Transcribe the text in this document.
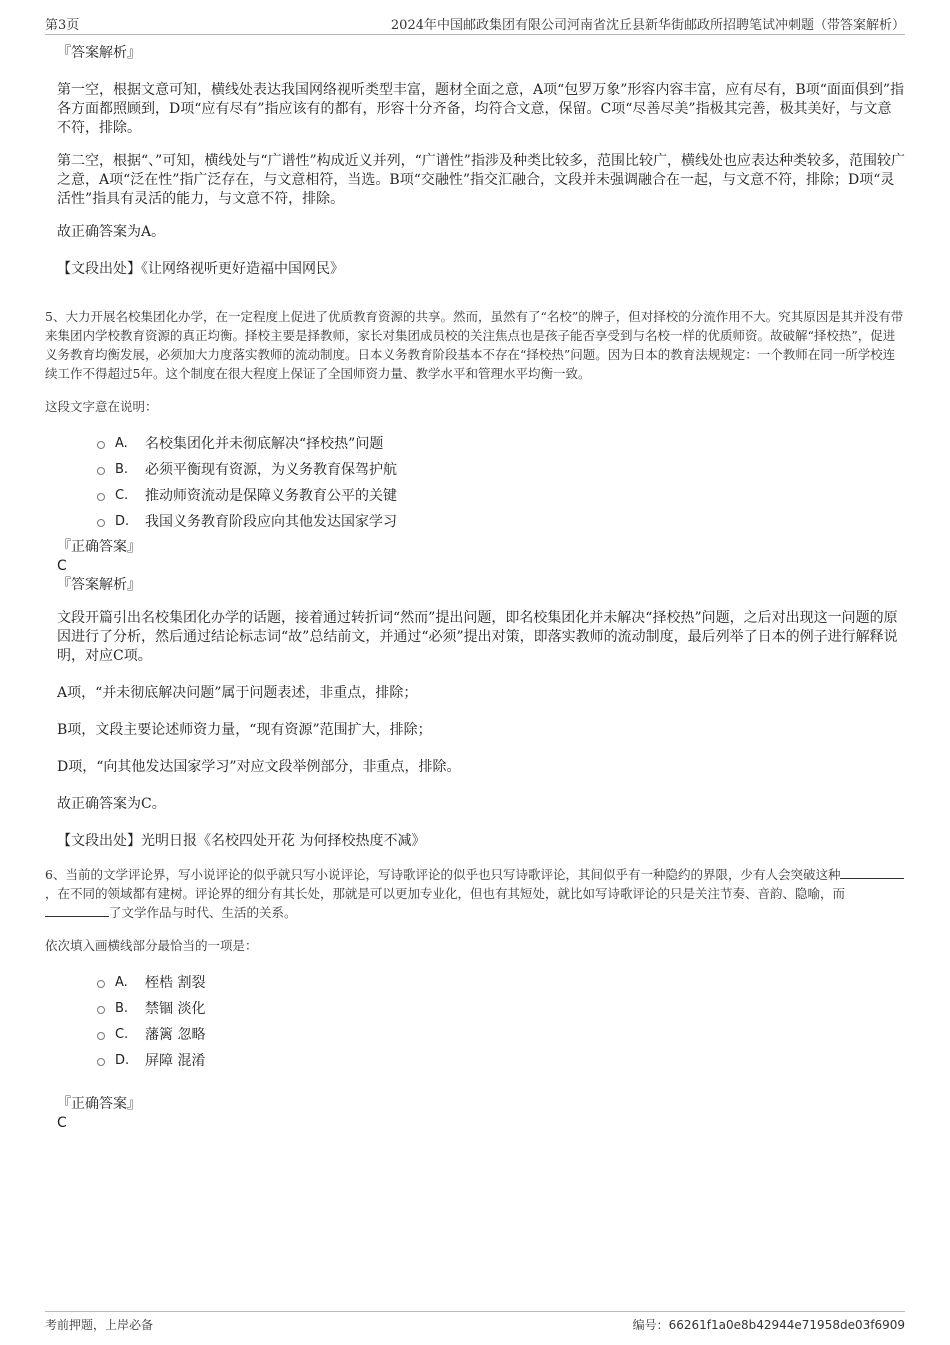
第3页	2024年中国邮政集团有限公司河南省沈丘县新华街邮政所招聘笔试冲刺题（带答案解析）
『答案解析』

第一空，根据文意可知，横线处表达我国网络视听类型丰富，题材全面之意，A项“包罗万象”形容内容丰富，应有尽有，B项“面面俱到”指各方面都照顾到，D项“应有尽有”指应该有的都有，形容十分齐备，均符合文意，保留。C项“尽善尽美”指极其完善，极其美好，与文意不符，排除。

第二空，根据“、”可知，横线处与“广谱性”构成近义并列，“广谱性”指涉及种类比较多，范围比较广，横线处也应表达种类较多，范围较广之意，A项“泛在性”指广泛存在，与文意相符，当选。B项“交融性”指交汇融合，文段并未强调融合在一起，与文意不符，排除；D项“灵活性”指具有灵活的能力，与文意不符，排除。

故正确答案为A。

【文段出处】《让网络视听更好造福中国网民》

5、大力开展名校集团化办学，在一定程度上促进了优质教育资源的共享。然而，虽然有了“名校”的牌子，但对择校的分流作用不大。究其原因是其并没有带来集团内学校教育资源的真正均衡。择校主要是择教师，家长对集团成员校的关注焦点也是孩子能否享受到与名校一样的优质师资。故破解“择校热”，促进义务教育均衡发展，必须加大力度落实教师的流动制度。日本义务教育阶段基本不存在“择校热”问题。因为日本的教育法规规定：一个教师在同一所学校连续工作不得超过5年。这个制度在很大程度上保证了全国师资力量、教学水平和管理水平均衡一致。

这段文字意在说明：

A.	名校集团化并未彻底解决“择校热”问题
B.	必须平衡现有资源，为义务教育保驾护航
C.	推动师资流动是保障义务教育公平的关键
D.	我国义务教育阶段应向其他发达国家学习
『正确答案』
C
『答案解析』

文段开篇引出名校集团化办学的话题，接着通过转折词“然而”提出问题，即名校集团化并未解决“择校热”问题，之后对出现这一问题的原因进行了分析，然后通过结论标志词“故”总结前文，并通过“必须”提出对策，即落实教师的流动制度，最后列举了日本的例子进行解释说明，对应C项。

A项，“并未彻底解决问题”属于问题表述，非重点，排除；

B项，文段主要论述师资力量，“现有资源”范围扩大，排除；

D项，“向其他发达国家学习”对应文段举例部分，非重点，排除。

故正确答案为C。

【文段出处】光明日报《名校四处开花 为何择校热度不减》

6、当前的文学评论界，写小说评论的似乎就只写小说评论，写诗歌评论的似乎也只写诗歌评论，其间似乎有一种隐约的界限，少有人会突破这种，在不同的领域都有建树。评论界的细分有其长处，那就是可以更加专业化，但也有其短处，就比如写诗歌评论的只是关注节奏、音韵、隐喻，而了文学作品与时代、生活的关系。

依次填入画横线部分最恰当的一项是：

A.	桎梏 割裂
B.	禁锢 淡化
C.	藩篱 忽略
D.	屏障 混淆
『正确答案』
C
考前押题，上岸必备	编号：66261f1a0e8b42944e71958de03f6909
